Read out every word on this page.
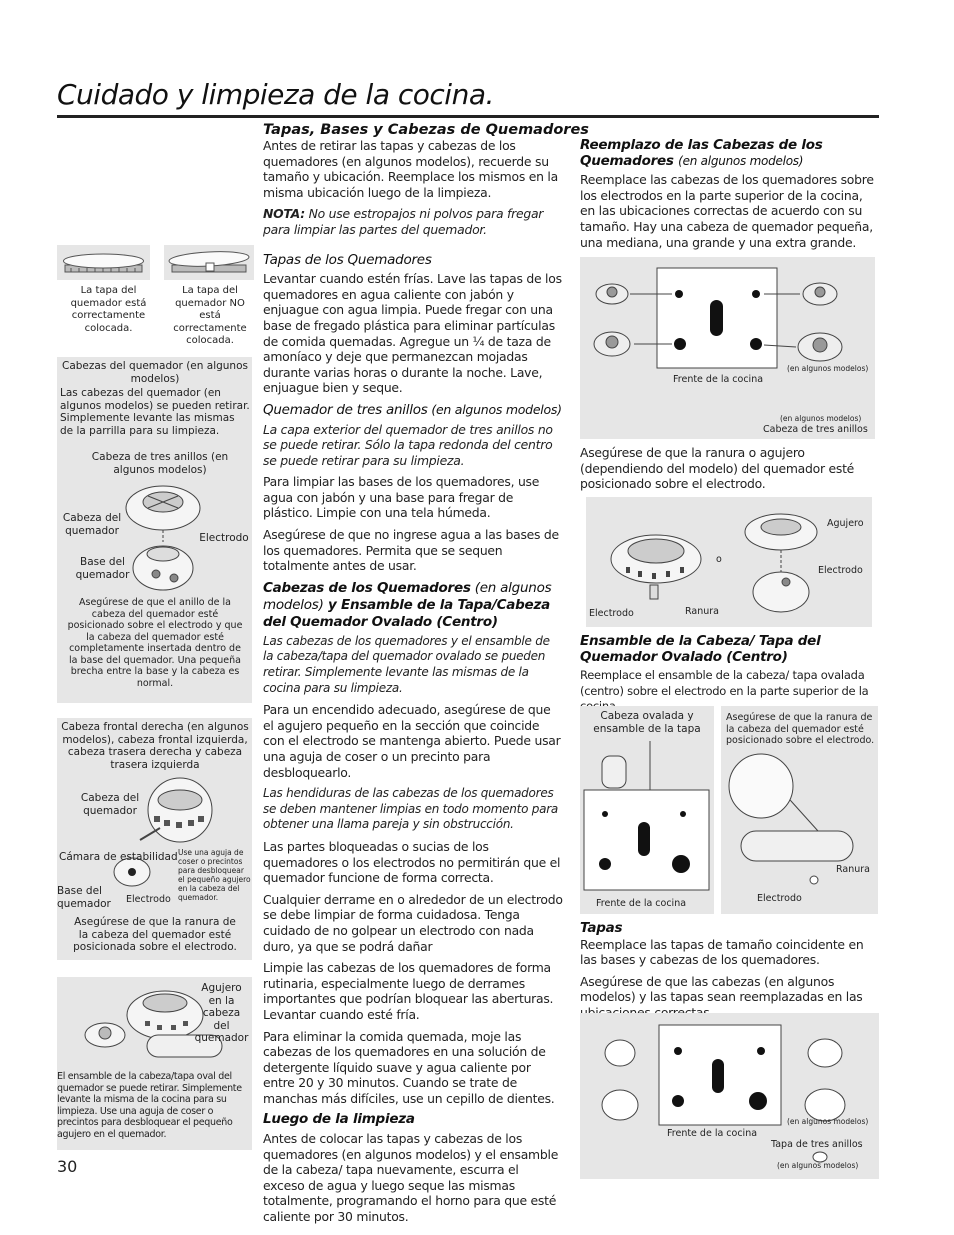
Cuidado y limpieza de la cocina.
La tapa del quemador está correctamente colocada.
La tapa del quemador NO está correctamente colocada.
Cabezas del quemador (en algunos modelos)
Las cabezas del quemador (en algunos modelos) se pueden retirar. Simplemente levante las mismas de la parrilla para su limpieza.
Cabeza de tres anillos (en algunos modelos)
Cabeza del quemador
Electrodo
Base del quemador
Asegúrese de que el anillo de la cabeza del quemador esté posicionado sobre el electrodo y que la cabeza del quemador esté completamente insertada dentro de la base del quemador. Una pequeña brecha entre la base y la cabeza es normal.
Cabeza frontal derecha (en algunos modelos), cabeza frontal izquierda, cabeza trasera derecha y cabeza trasera izquierda
Cabeza del quemador
Cámara de estabilidad Use una aguja de coser o precintos para desbloquear el pequeño agujero en la cabeza del quemador.
Base del quemador Electrodo
Asegúrese de que la ranura de la cabeza del quemador esté posicionada sobre el electrodo.
Agujero en la cabeza del quemador
El ensamble de la cabeza/tapa oval del quemador se puede retirar. Simplemente levante la misma de la cocina para su limpieza. Use una aguja de coser o precintos para desbloquear el pequeño agujero en el quemador.
30
Tapas, Bases y Cabezas de Quemadores

Antes de retirar las tapas y cabezas de los quemadores (en algunos modelos), recuerde su tamaño y ubicación. Reemplace los mismos en la misma ubicación luego de la limpieza.

NOTA: No use estropajos ni polvos para fregar para limpiar las partes del quemador.

Tapas de los Quemadores

Levantar cuando estén frías. Lave las tapas de los quemadores en agua caliente con jabón y enjuague con agua limpia. Puede fregar con una base de fregado plástica para eliminar partículas de comida quemadas. Agregue un ¼ de taza de amoníaco y deje que permanezcan mojadas durante varias horas o durante la noche. Lave, enjuague bien y seque.

Quemador de tres anillos (en algunos modelos)

La capa exterior del quemador de tres anillos no se puede retirar. Sólo la tapa redonda del centro se puede retirar para su limpieza.

Para limpiar las bases de los quemadores, use agua con jabón y una base para fregar de plástico. Limpie con una tela húmeda.

Asegúrese de que no ingrese agua a las bases de los quemadores. Permita que se sequen totalmente antes de usar.

Cabezas de los Quemadores (en algunos modelos) y Ensamble de la Tapa/Cabeza del Quemador Ovalado (Centro)

Las cabezas de los quemadores y el ensamble de la cabeza/tapa del quemador ovalado se pueden retirar. Simplemente levante las mismas de la cocina para su limpieza.

Para un encendido adecuado, asegúrese de que el agujero pequeño en la sección que coincide con el electrodo se mantenga abierto. Puede usar una aguja de coser o un precinto para desbloquearlo.

Las hendiduras de las cabezas de los quemadores se deben mantener limpias en todo momento para obtener una llama pareja y sin obstrucción.

Las partes bloqueadas o sucias de los quemadores o los electrodos no permitirán que el quemador funcione de forma correcta.

Cualquier derrame en o alrededor de un electrodo se debe limpiar de forma cuidadosa. Tenga cuidado de no golpear un electrodo con nada duro, ya que se podrá dañar

Limpie las cabezas de los quemadores de forma rutinaria, especialmente luego de derrames importantes que podrían bloquear las aberturas. Levantar cuando esté fría.

Para eliminar la comida quemada, moje las cabezas de los quemadores en una solución de detergente líquido suave y agua caliente por entre 20 y 30 minutos. Cuando se trate de manchas más difíciles, use un cepillo de dientes.

Luego de la limpieza

Antes de colocar las tapas y cabezas de los quemadores (en algunos modelos) y el ensamble de la cabeza/ tapa nuevamente, escurra el exceso de agua y luego seque las mismas totalmente, programando el horno para que esté caliente por 30 minutos.

Reemplazo de las Cabezas de los Quemadores (en algunos modelos)

Reemplace las cabezas de los quemadores sobre los electrodos en la parte superior de la cocina, en las ubicaciones correctas de acuerdo con su tamaño. Hay una cabeza de quemador pequeña, una mediana, una grande y una extra grande.

Frente de la cocina
(en algunos modelos)
(en algunos modelos)
Cabeza de tres anillos
Asegúrese de que la ranura o agujero (dependiendo del modelo) del quemador esté posicionado sobre el electrodo.
Agujero
o
Electrodo
Electrodo	Ranura
Ensamble de la Cabeza/ Tapa del Quemador Ovalado (Centro)

Reemplace el ensamble de la cabeza/ tapa ovalada (centro) sobre el electrodo en la parte superior de la

Cabeza ovalada y ensamble de la tapa
Frente de la cocina
Asegúrese de que la ranura de la cabeza del quemador esté posicionado sobre el electrodo.
Ranura
Electrodo
Tapas

Reemplace las tapas de tamaño coincidente en las bases y cabezas de los quemadores.

Asegúrese de que las cabezas (en algunos modelos) y las tapas sean reemplazadas en las

Frente de la cocina
(en algunos modelos)
Tapa de tres anillos
(en algunos modelos)
